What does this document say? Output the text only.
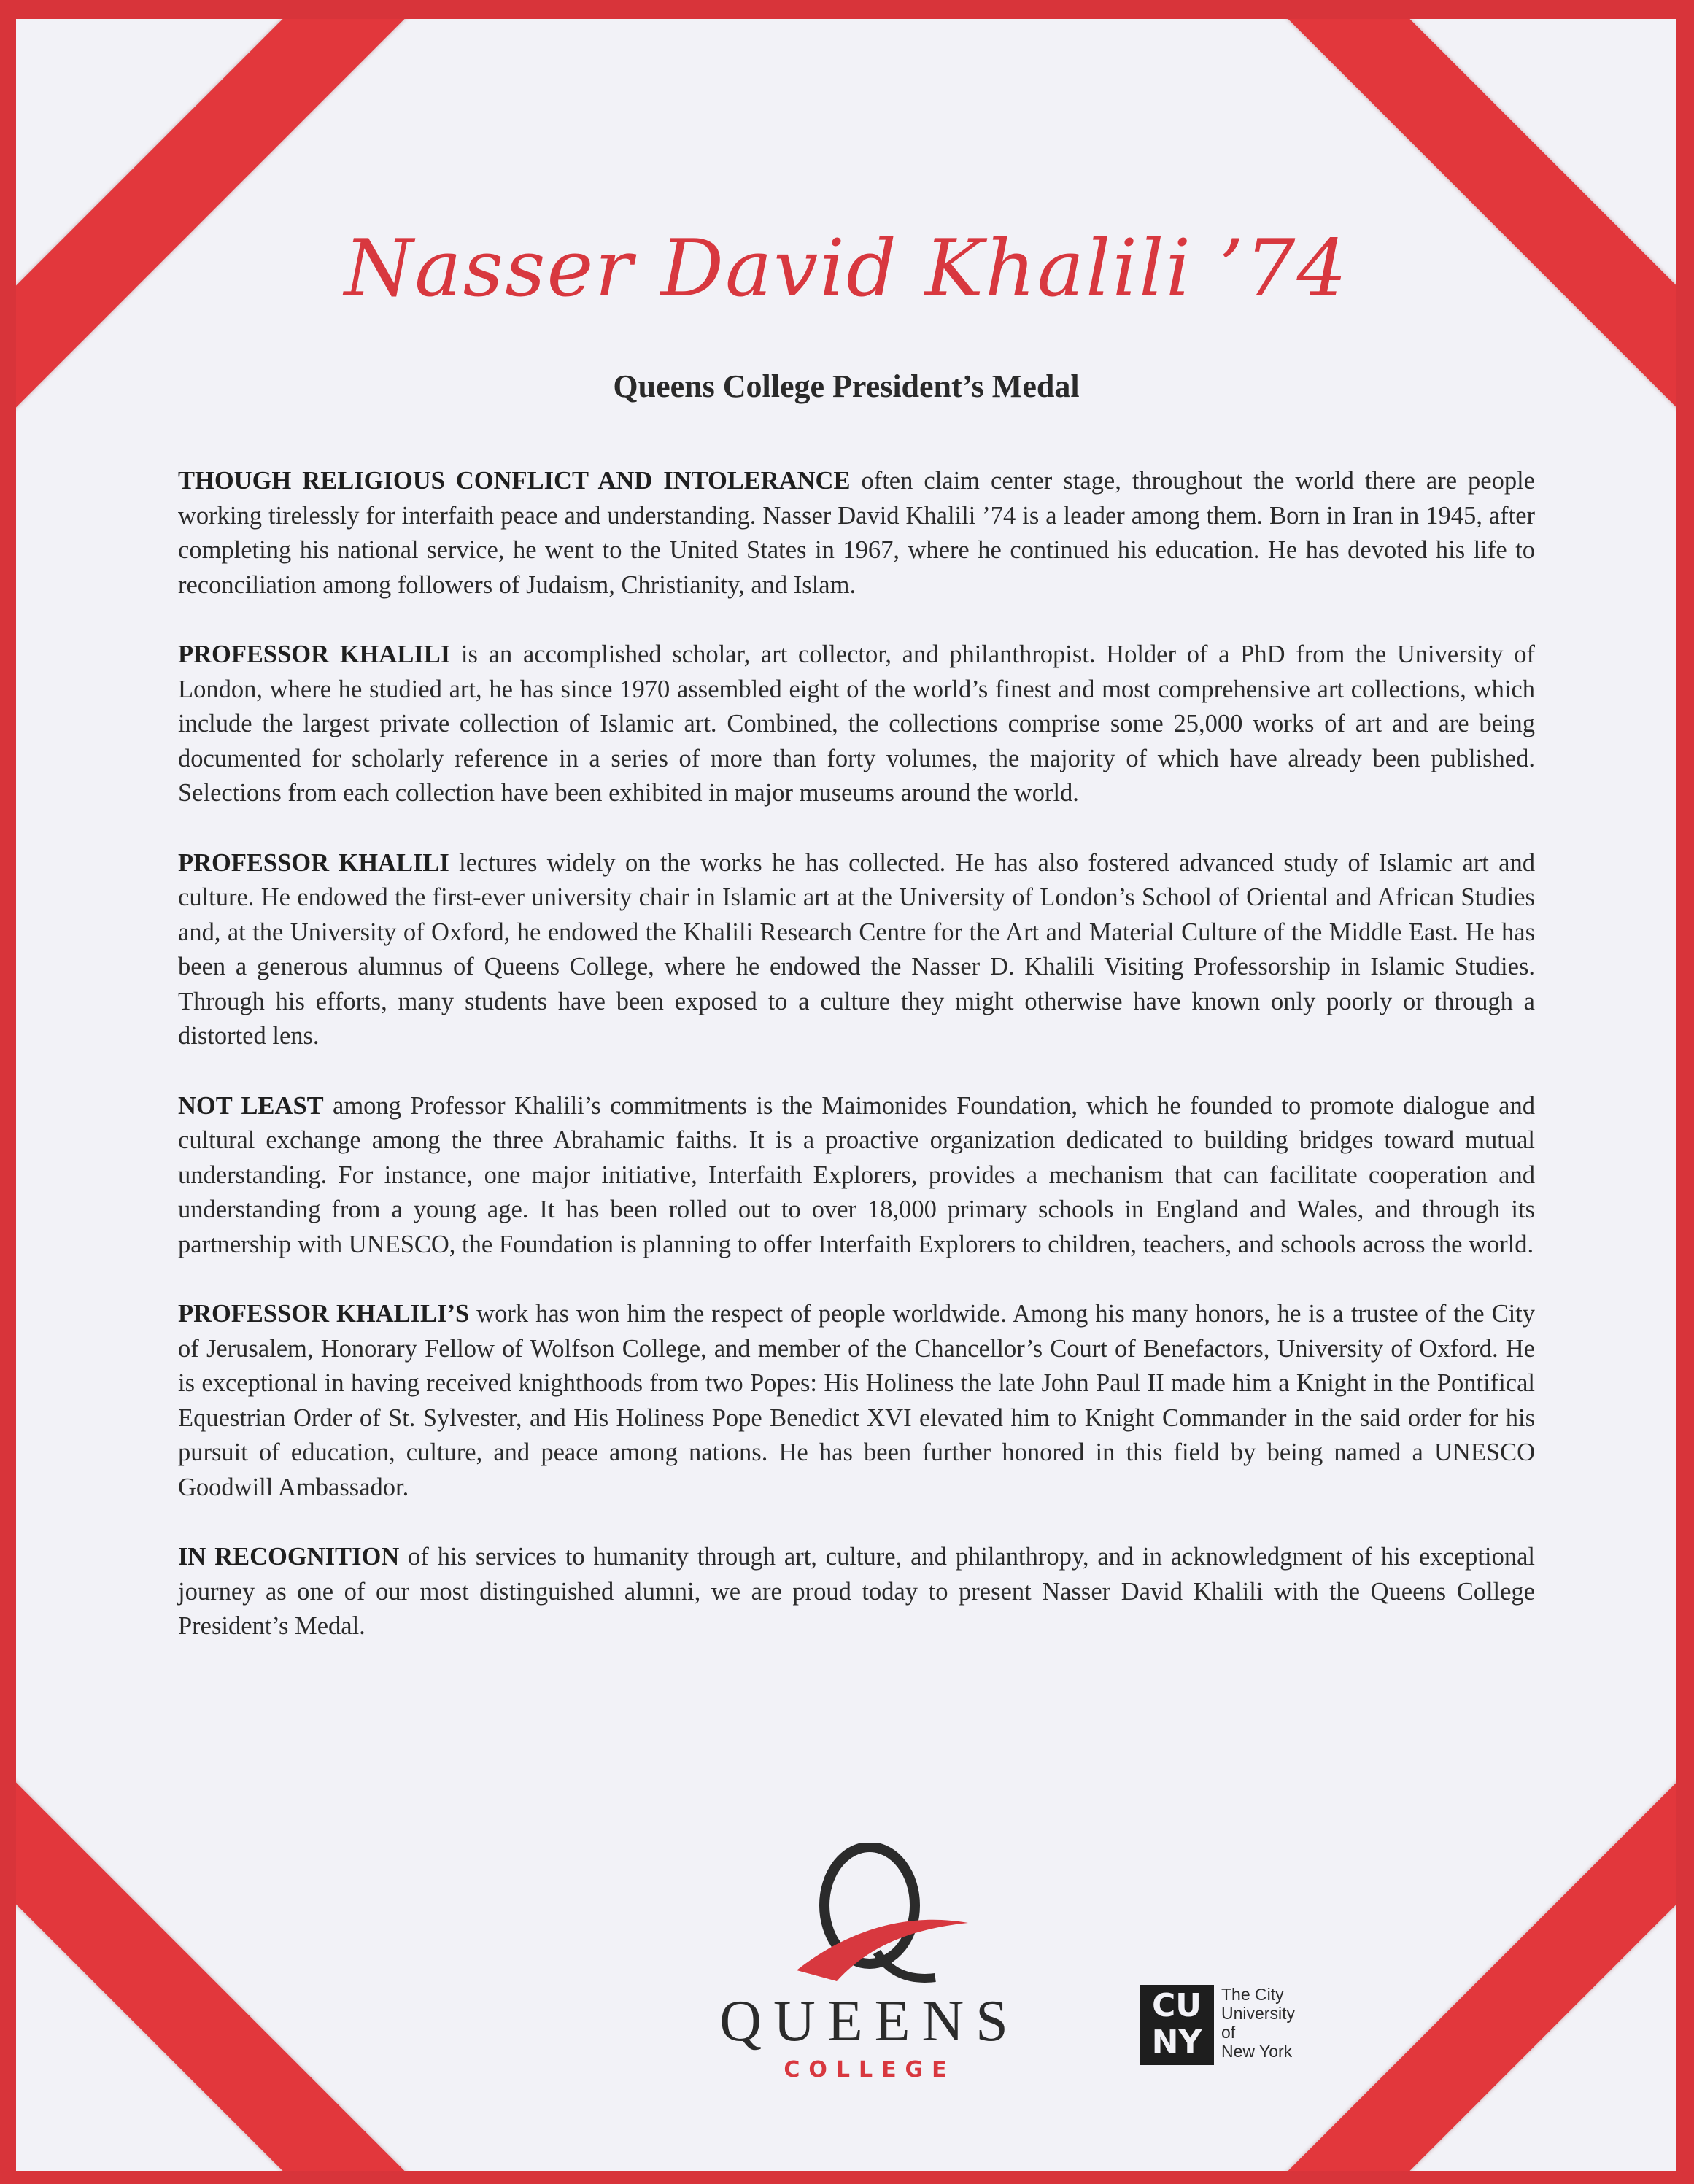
Nasser David Khalili ’74
Queens College President’s Medal

THOUGH RELIGIOUS CONFLICT AND INTOLERANCE often claim center stage, throughout the world there are people working tirelessly for interfaith peace and understanding. Nasser David Khalili ’74 is a leader among them. Born in Iran in 1945, after completing his national service, he went to the United States in 1967, where he continued his education. He has devoted his life to reconciliation among followers of Judaism, Christianity, and Islam.

PROFESSOR KHALILI is an accomplished scholar, art collector, and philanthropist. Holder of a PhD from the University of London, where he studied art, he has since 1970 assembled eight of the world’s finest and most comprehensive art collections, which include the largest private collection of Islamic art. Combined, the collections comprise some 25,000 works of art and are being documented for scholarly reference in a series of more than forty volumes, the majority of which have already been published. Selections from each collection have been exhibited in major museums around the world.

PROFESSOR KHALILI lectures widely on the works he has collected. He has also fostered advanced study of Islamic art and culture. He endowed the first-ever university chair in Islamic art at the University of London’s School of Oriental and African Studies and, at the University of Oxford, he endowed the Khalili Research Centre for the Art and Material Culture of the Middle East. He has been a generous alumnus of Queens College, where he endowed the Nasser D. Khalili Visiting Professorship in Islamic Studies. Through his efforts, many students have been exposed to a culture they might otherwise have known only poorly or through a distorted lens.

NOT LEAST among Professor Khalili’s commitments is the Maimonides Foundation, which he founded to promote dialogue and cultural exchange among the three Abrahamic faiths. It is a proactive organization dedicated to building bridges toward mutual understanding. For instance, one major initiative, Interfaith Explorers, provides a mechanism that can facilitate cooperation and understanding from a young age. It has been rolled out to over 18,000 primary schools in England and Wales, and through its partnership with UNESCO, the Foundation is planning to offer Interfaith Explorers to children, teachers, and schools across the world.

PROFESSOR KHALILI’S work has won him the respect of people worldwide. Among his many honors, he is a trustee of the City of Jerusalem, Honorary Fellow of Wolfson College, and member of the Chancellor’s Court of Benefactors, University of Oxford. He is exceptional in having received knighthoods from two Popes: His Holiness the late John Paul II made him a Knight in the Pontifical Equestrian Order of St. Sylvester, and His Holiness Pope Benedict XVI elevated him to Knight Commander in the said order for his pursuit of education, culture, and peace among nations. He has been further honored in this field by being named a UNESCO Goodwill Ambassador.

IN RECOGNITION of his services to humanity through art, culture, and philanthropy, and in acknowledgment of his exceptional journey as one of our most distinguished alumni, we are proud today to present Nasser David Khalili with the Queens College President’s Medal.

QUEENS
COLLEGE
CU
NY
The City
University
of
New York
